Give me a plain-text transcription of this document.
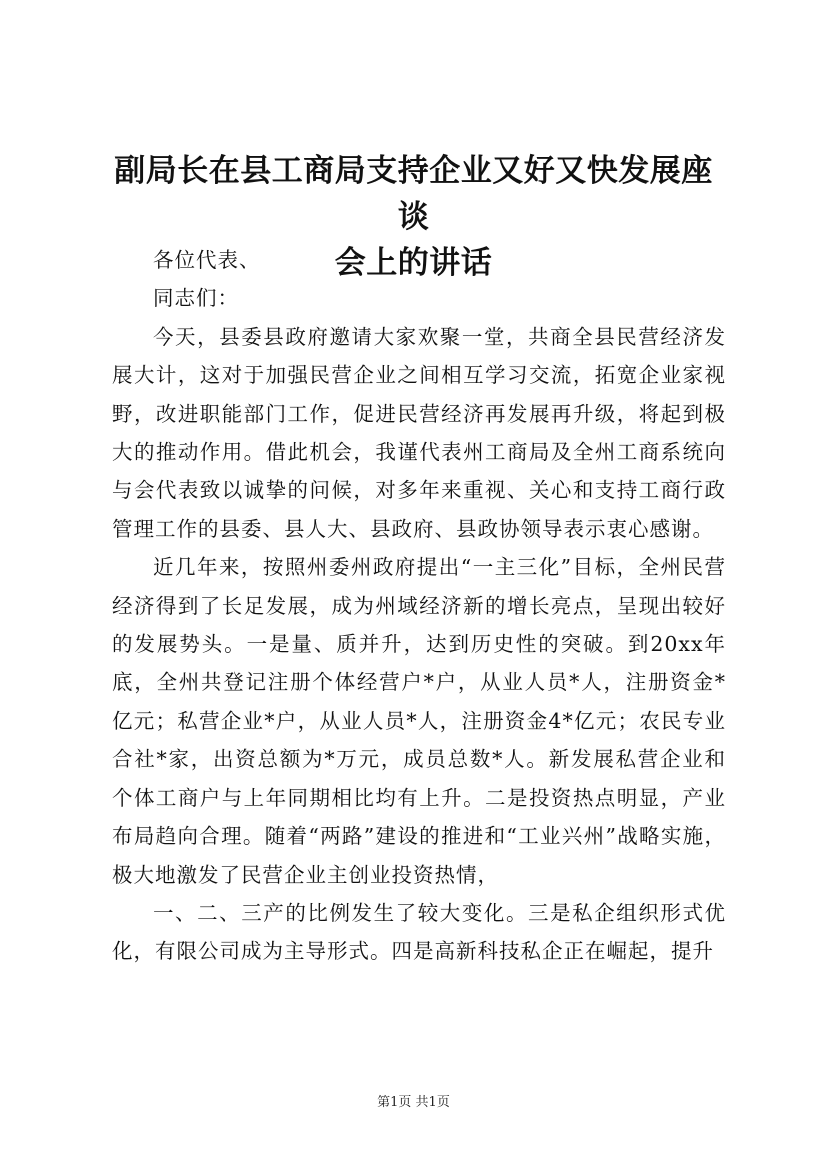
副局长在县工商局支持企业又好又快发展座谈
会上的讲话

各位代表、

同志们：

今天，县委县政府邀请大家欢聚一堂，共商全县民营经济发展大计，这对于加强民营企业之间相互学习交流，拓宽企业家视野，改进职能部门工作，促进民营经济再发展再升级，将起到极大的推动作用。借此机会，我谨代表州工商局及全州工商系统向与会代表致以诚挚的问候，对多年来重视、关心和支持工商行政管理工作的县委、县人大、县政府、县政协领导表示衷心感谢。

近几年来，按照州委州政府提出“一主三化”目标，全州民营经济得到了长足发展，成为州域经济新的增长亮点，呈现出较好的发展势头。一是量、质并升，达到历史性的突破。到20xx年底，全州共登记注册个体经营户*户，从业人员*人，注册资金*亿元；私营企业*户，从业人员*人，注册资金4*亿元；农民专业合社*家，出资总额为*万元，成员总数*人。新发展私营企业和个体工商户与上年同期相比均有上升。二是投资热点明显，产业布局趋向合理。随着“两路”建设的推进和“工业兴州”战略实施，极大地激发了民营企业主创业投资热情，

一、二、三产的比例发生了较大变化。三是私企组织形式优化，有限公司成为主导形式。四是高新科技私企正在崛起，提升

第1页 共1页
